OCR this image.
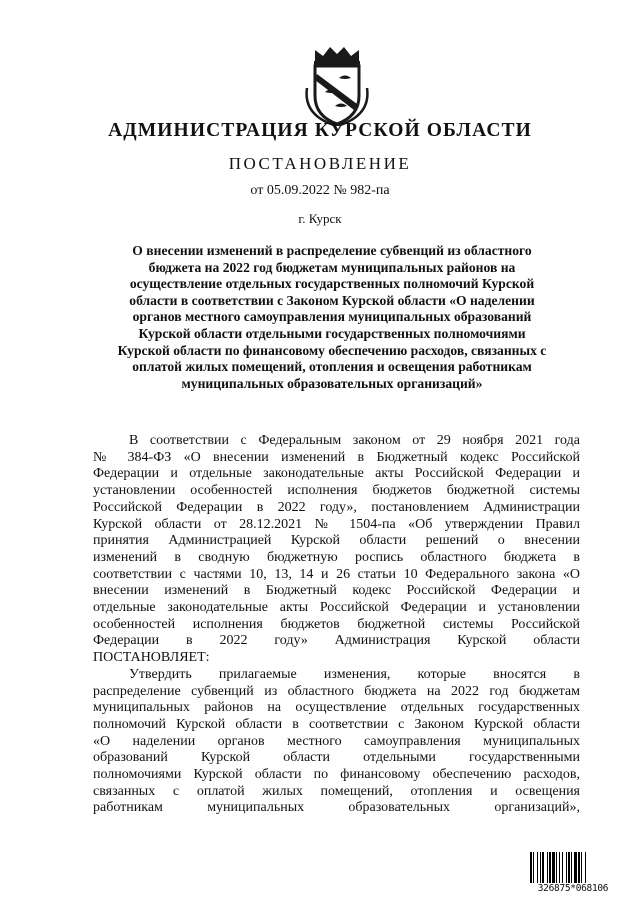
АДМИНИСТРАЦИЯ КУРСКОЙ ОБЛАСТИ
ПОСТАНОВЛЕНИЕ
от 05.09.2022 № 982-па
г. Курск
О внесении изменений в распределение субвенций из областного
бюджета на 2022 год бюджетам муниципальных районов на
осуществление отдельных государственных полномочий Курской
области в соответствии с Законом Курской области «О наделении
органов местного самоуправления муниципальных образований
Курской области отдельными государственных полномочиями
Курской области по финансовому обеспечению расходов, связанных с
оплатой жилых помещений, отопления и освещения работникам
муниципальных образовательных организаций»
В соответствии с Федеральным законом от 29 ноября 2021 года
№ 384-ФЗ «О внесении изменений в Бюджетный кодекс Российской
Федерации и отдельные законодательные акты Российской Федерации и
установлении особенностей исполнения бюджетов бюджетной системы
Российской Федерации в 2022 году», постановлением Администрации
Курской области от 28.12.2021 № 1504-па «Об утверждении Правил
принятия Администрацией Курской области решений о внесении
изменений в сводную бюджетную роспись областного бюджета в
соответствии с частями 10, 13, 14 и 26 статьи 10 Федерального закона «О
внесении изменений в Бюджетный кодекс Российской Федерации и
отдельные законодательные акты Российской Федерации и установлении
особенностей исполнения бюджетов бюджетной системы Российской
Федерации в 2022 году» Администрация Курской области
ПОСТАНОВЛЯЕТ:
Утвердить прилагаемые изменения, которые вносятся в
распределение субвенций из областного бюджета на 2022 год бюджетам
муниципальных районов на осуществление отдельных государственных
полномочий Курской области в соответствии с Законом Курской области
«О наделении органов местного самоуправления муниципальных
образований Курской области отдельными государственными
полномочиями Курской области по финансовому обеспечению расходов,
связанных с оплатой жилых помещений, отопления и освещения
работникам муниципальных образовательных организаций»,
326875*068106
